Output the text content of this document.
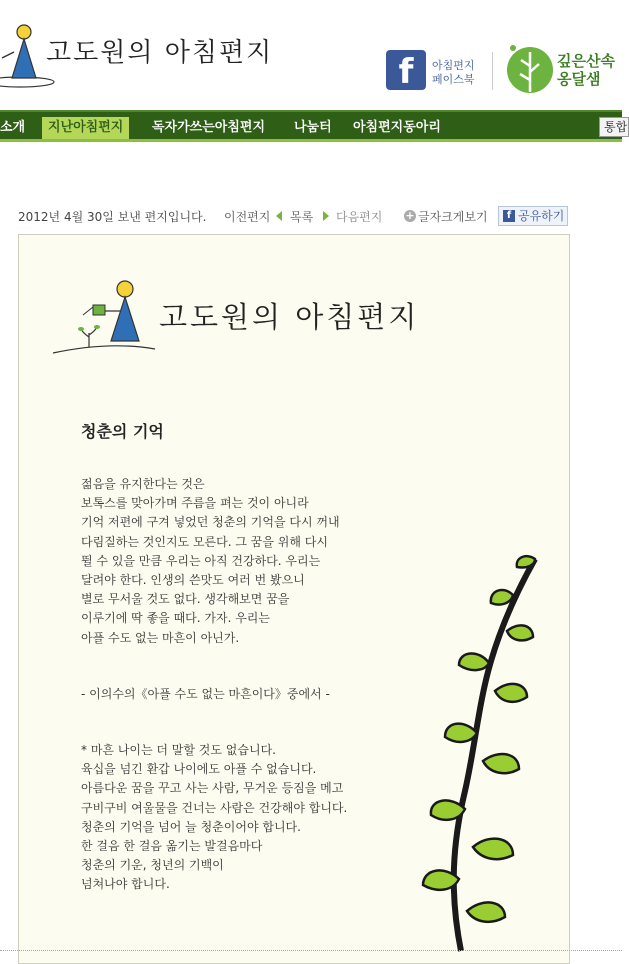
고도원의 아침편지	f	아침편지
페이스북
깊은산속
옹달샘
소개	지난아침편지	독자가쓰는아침편지	나눔터	아침편지동아리	통합
2012년 4월 30일 보낸 편지입니다. 이전편지 목록 다음편지 + 글자크게보기	f 공유하기
고도원의 아침편지
청춘의 기억
젊음을 유지한다는 것은
보톡스를 맞아가며 주름을 펴는 것이 아니라
기억 저편에 구겨 넣었던 청춘의 기억을 다시 꺼내
다림질하는 것인지도 모른다. 그 꿈을 위해 다시
뛸 수 있을 만큼 우리는 아직 건강하다. 우리는
달려야 한다. 인생의 쓴맛도 여러 번 봤으니
별로 무서울 것도 없다. 생각해보면 꿈을
이루기에 딱 좋을 때다. 가자. 우리는
아플 수도 없는 마흔이 아닌가.
- 이의수의《아플 수도 없는 마흔이다》중에서 -
* 마흔 나이는 더 말할 것도 없습니다.
육십을 넘긴 환갑 나이에도 아플 수 없습니다.
아름다운 꿈을 꾸고 사는 사람, 무거운 등짐을 메고
구비구비 여울물을 건너는 사람은 건강해야 합니다.
청춘의 기억을 넘어 늘 청춘이어야 합니다.
한 걸음 한 걸음 옮기는 발걸음마다
청춘의 기운, 청년의 기백이
넘쳐나야 합니다.
